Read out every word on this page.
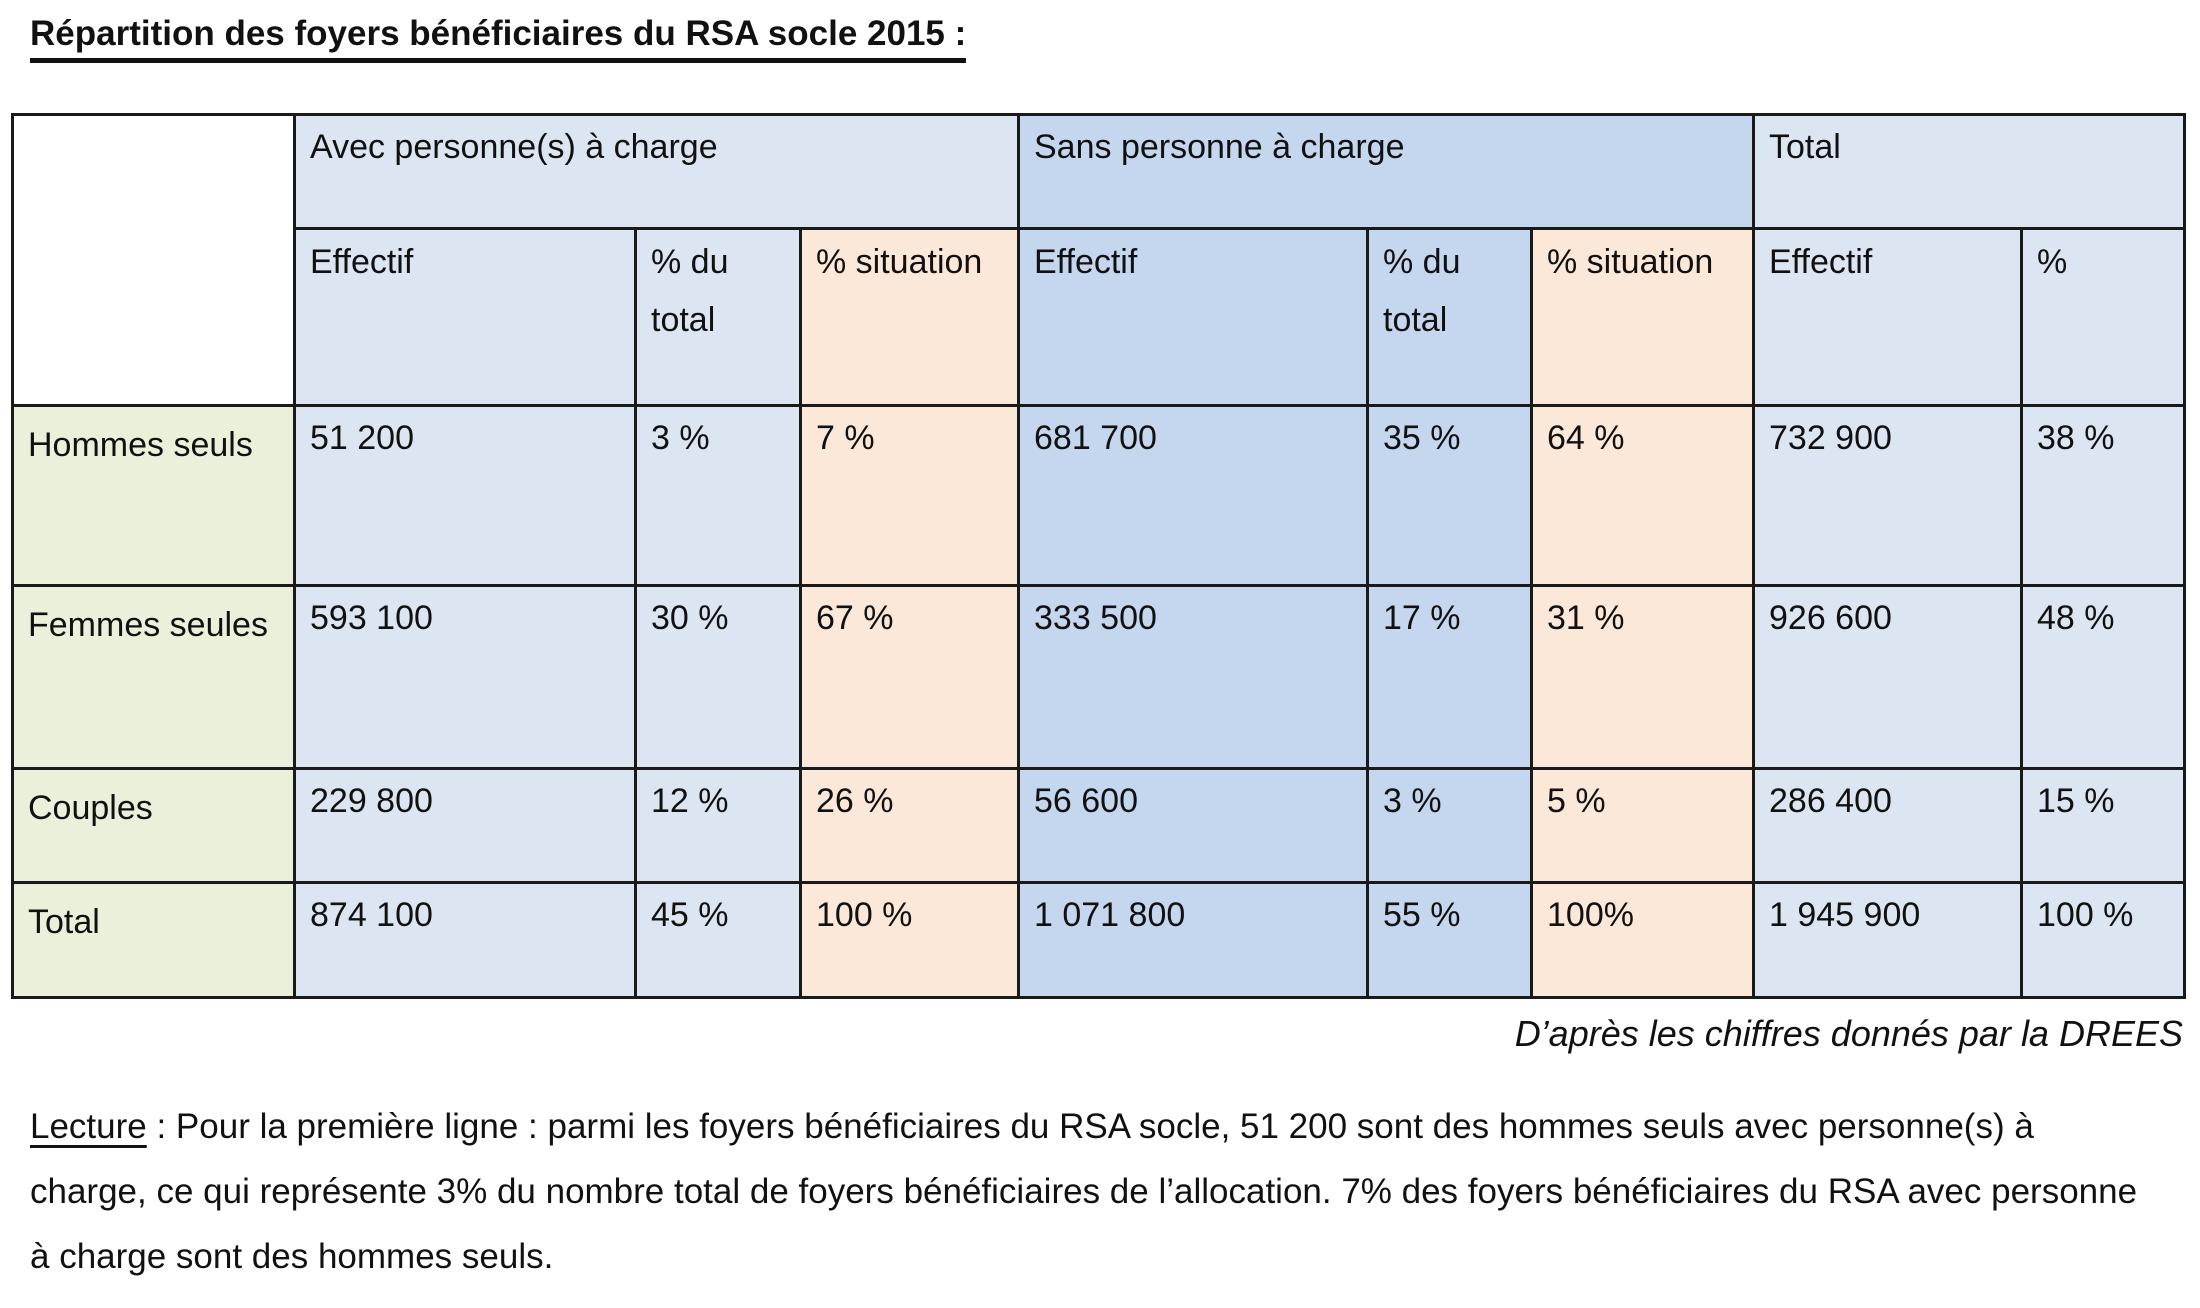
Répartition des foyers bénéficiaires du RSA socle 2015 :
	Avec personne(s) à charge			Sans personne à charge			Total	
	Effectif	% du total	% situation	Effectif	% du total	% situation	Effectif	%
Hommes seuls	51 200	3 %	7 %	681 700	35 %	64 %	732 900	38 %
Femmes seules	593 100	30 %	67 %	333 500	17 %	31 %	926 600	48 %
Couples	229 800	12 %	26 %	56 600	3 %	5 %	286 400	15 %
Total	874 100	45 %	100 %	1 071 800	55 %	100%	1 945 900	100 %
D’après les chiffres donnés par la DREES
Lecture : Pour la première ligne : parmi les foyers bénéficiaires du RSA socle, 51 200 sont des hommes seuls avec personne(s) à charge, ce qui représente 3% du nombre total de foyers bénéficiaires de l’allocation. 7% des foyers bénéficiaires du RSA avec personne à charge sont des hommes seuls.
